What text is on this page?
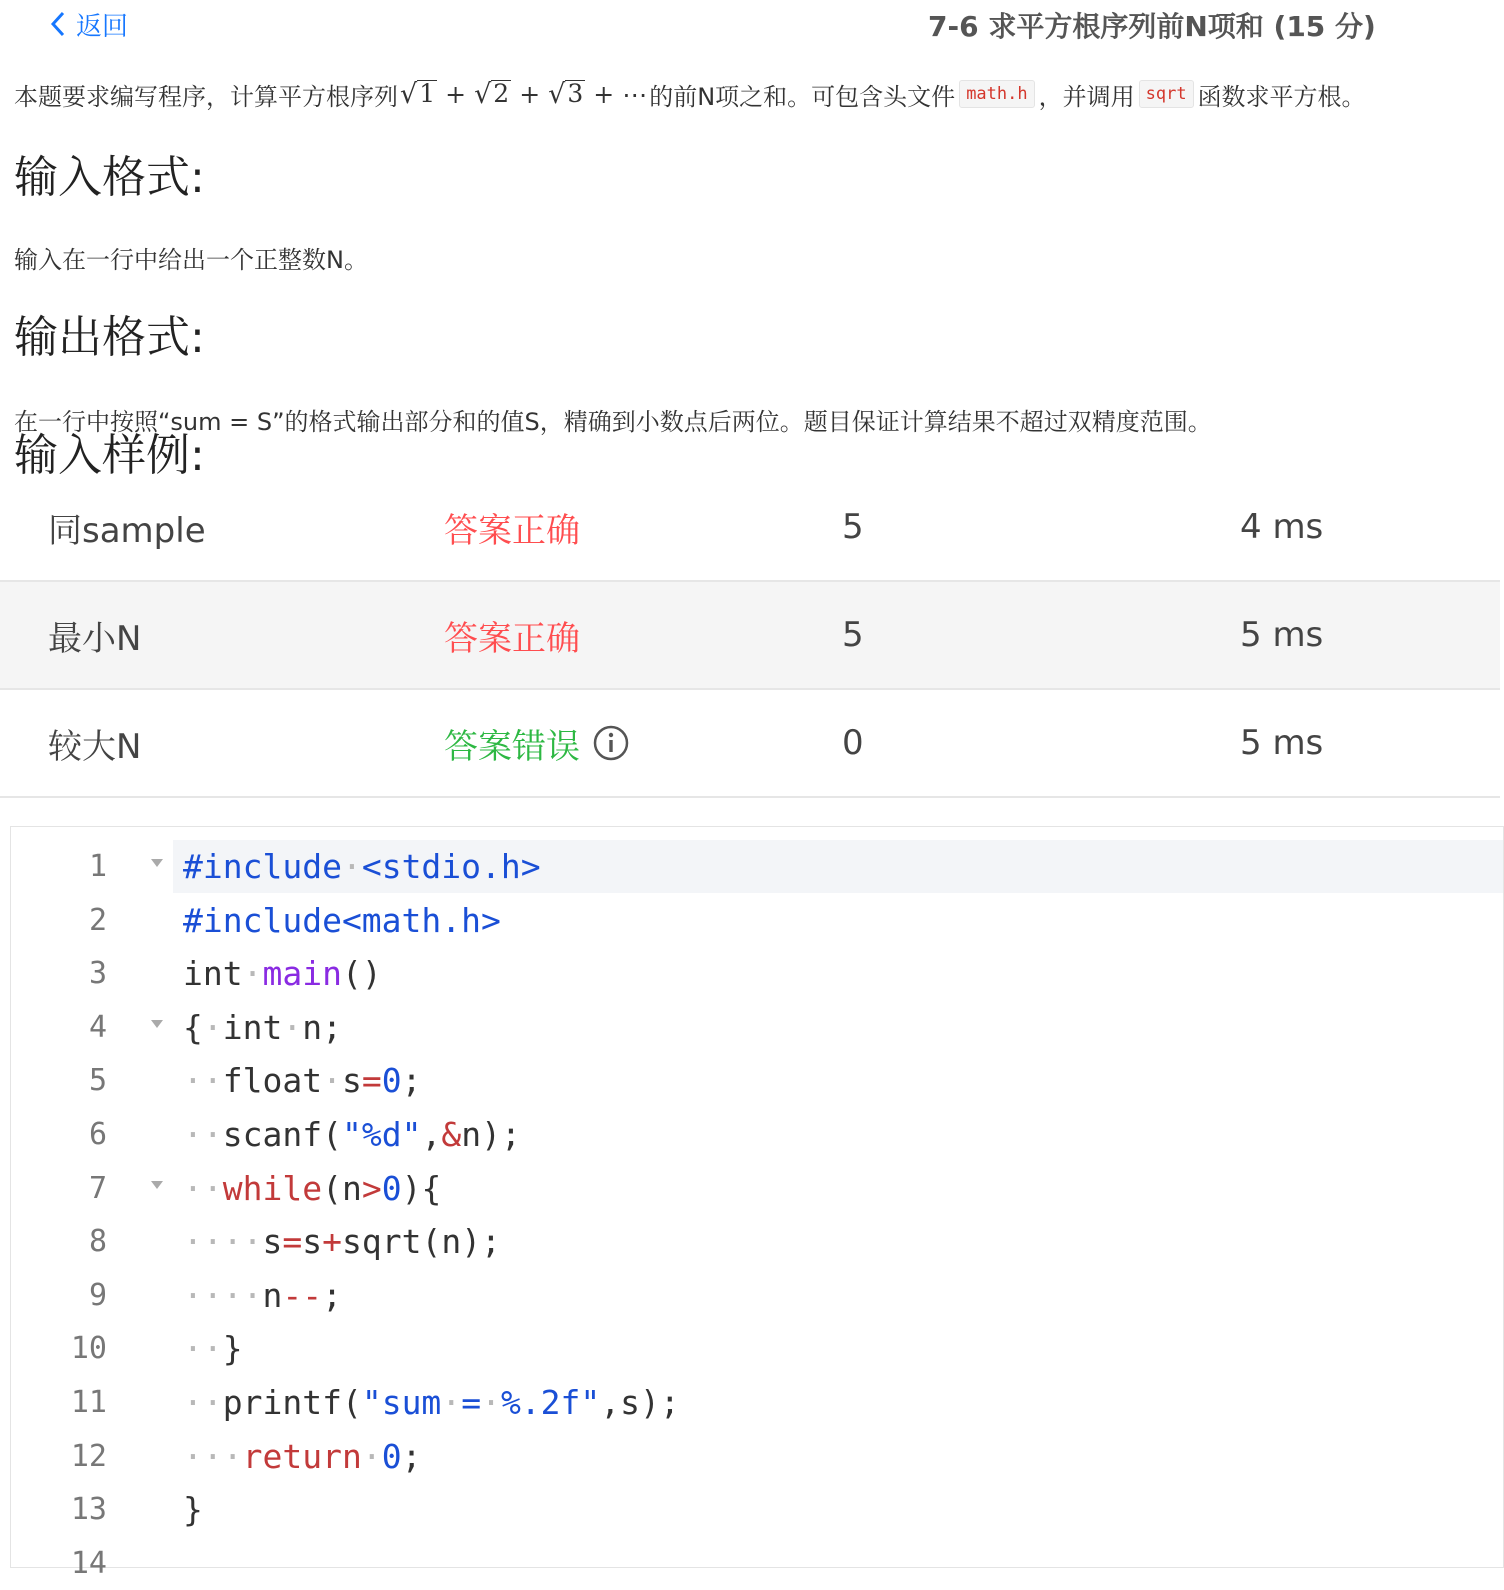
返回	7-6 求平方根序列前N项和 (15 分)
本题要求编写程序，计算平方根序列 √ 1 + √ 2 + √ 3 + ⋯ 的前N项之和。可包含头文件 math.h ，并调用 sqrt 函数求平方根。
输入格式:
输入在一行中给出一个正整数N。
输出格式:
在一行中按照“sum = S”的格式输出部分和的值S，精确到小数点后两位。题目保证计算结果不超过双精度范围。
输入样例:
同sample	答案正确	5	4 ms
最小N	答案正确	5	5 ms
较大N	答案错误	0	5 ms
1 #include·<stdio.h>
2 #include<math.h>
3 int·main()
4 {·int·n;
5 ··float·s=0;
6 ··scanf("%d",&n);
7 ··while(n>0){
8 ····s=s+sqrt(n);
9 ····n--;
10 ··}
11 ··printf("sum·=·%.2f",s);
12 ···return·0;
13 }
14
